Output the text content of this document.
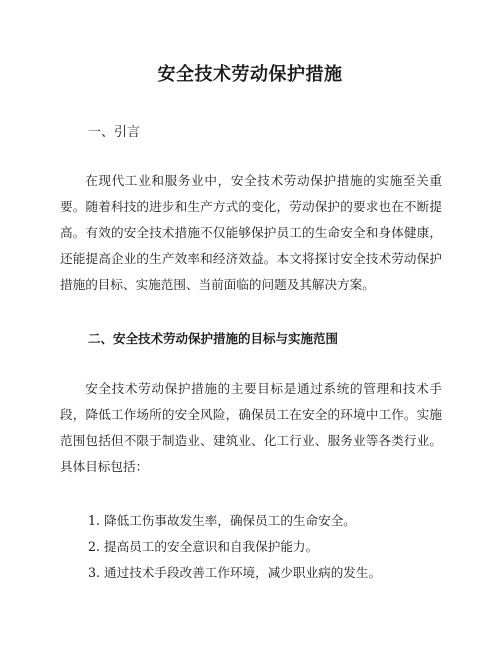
安全技术劳动保护措施
一、引言

在现代工业和服务业中，安全技术劳动保护措施的实施至关重要。随着科技的进步和生产方式的变化，劳动保护的要求也在不断提高。有效的安全技术措施不仅能够保护员工的生命安全和身体健康，还能提高企业的生产效率和经济效益。本文将探讨安全技术劳动保护措施的目标、实施范围、当前面临的问题及其解决方案。

二、安全技术劳动保护措施的目标与实施范围

安全技术劳动保护措施的主要目标是通过系统的管理和技术手段，降低工作场所的安全风险，确保员工在安全的环境中工作。实施范围包括但不限于制造业、建筑业、化工行业、服务业等各类行业。具体目标包括：

1. 降低工伤事故发生率，确保员工的生命安全。
2. 提高员工的安全意识和自我保护能力。
3. 通过技术手段改善工作环境，减少职业病的发生。
